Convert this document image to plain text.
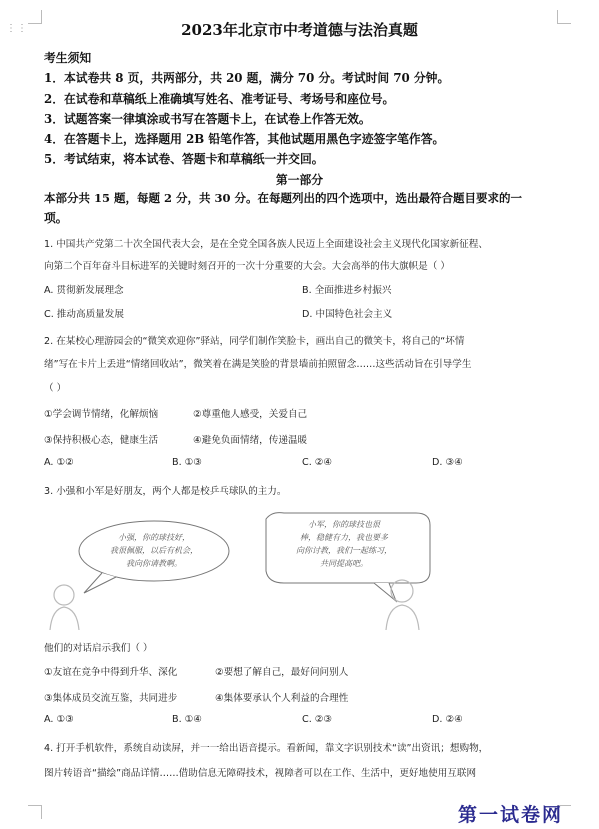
⋮⋮	2023年北京市中考道德与法治真题
考生须知
1．本试卷共 8 页，共两部分，共 20 题，满分 70 分。考试时间 70 分钟。
2．在试卷和草稿纸上准确填写姓名、准考证号、考场号和座位号。
3．试题答案一律填涂或书写在答题卡上，在试卷上作答无效。
4．在答题卡上，选择题用 2B 铅笔作答，其他试题用黑色字迹签字笔作答。
5．考试结束，将本试卷、答题卡和草稿纸一并交回。
第一部分
本部分共 15 题，每题 2 分，共 30 分。在每题列出的四个选项中，选出最符合题目要求的一
项。
1. 中国共产党第二十次全国代表大会，是在全党全国各族人民迈上全面建设社会主义现代化国家新征程、
向第二个百年奋斗目标进军的关键时刻召开的一次十分重要的大会。大会高举的伟大旗帜是（ ）
A. 贯彻新发展理念	B. 全面推进乡村振兴
C. 推动高质量发展	D. 中国特色社会主义
2. 在某校心理游园会的“微笑欢迎你”驿站，同学们制作笑脸卡，画出自己的微笑卡，将自己的“坏情
绪”写在卡片上丢进“情绪回收站”，微笑着在满是笑脸的背景墙前拍照留念……这些活动旨在引导学生
（ ）
①学会调节情绪，化解烦恼	②尊重他人感受，关爱自己
③保持积极心态，健康生活	④避免负面情绪，传递温暖
A. ①②	B. ①③	C. ②④	D. ③④
3. 小强和小军是好朋友，两个人都是校乒乓球队的主力。
小强，你的球技好，
我很佩服，以后有机会，
我向你请教啊。
小军，你的球技也很
棒，稳健有力，我也要多
向你讨教，我们一起练习，
共同提高吧。
他们的对话启示我们（ ）
①友谊在竞争中得到升华、深化	②要想了解自己，最好问问别人
③集体成员交流互鉴，共同进步	④集体要承认个人利益的合理性
A. ①③	B. ①④	C. ②③	D. ②④
4. 打开手机软件，系统自动读屏，并一一给出语音提示。看新闻，靠文字识别技术“读”出资讯；想购物，
图片转语音“描绘”商品详情……借助信息无障碍技术，视障者可以在工作、生活中，更好地使用互联网
第一试卷网
